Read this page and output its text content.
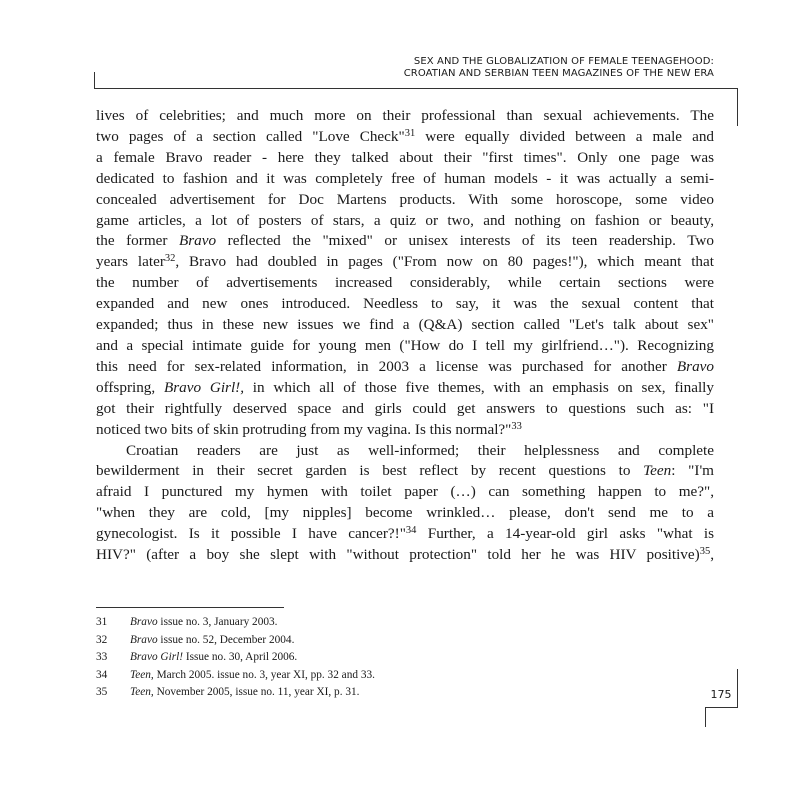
SEX AND THE GLOBALIZATION OF FEMALE TEENAGEHOOD:
CROATIAN AND SERBIAN TEEN MAGAZINES OF THE NEW ERA

lives of celebrities; and much more on their professional than sexual achievements. The
two pages of a section called "Love Check"$^{31}$ were equally divided between a male and
a female Bravo reader - here they talked about their "first times". Only one page was
dedicated to fashion and it was completely free of human models - it was actually a semi-
concealed advertisement for Doc Martens products. With some horoscope, some video
game articles, a lot of posters of stars, a quiz or two, and nothing on fashion or beauty,
the former Bravo reflected the "mixed" or unisex interests of its teen readership. Two
years later$^{32}$, Bravo had doubled in pages ("From now on 80 pages!"), which meant that
the number of advertisements increased considerably, while certain sections were
expanded and new ones introduced. Needless to say, it was the sexual content that
expanded; thus in these new issues we find a (Q&A) section called "Let's talk about sex"
and a special intimate guide for young men ("How do I tell my girlfriend…"). Recognizing
this need for sex-related information, in 2003 a license was purchased for another Bravo
offspring, Bravo Girl!, in which all of those five themes, with an emphasis on sex, finally
got their rightfully deserved space and girls could get answers to questions such as: "I
noticed two bits of skin protruding from my vagina. Is this normal?"$^{33}$

Croatian readers are just as well-informed; their helplessness and complete
bewilderment in their secret garden is best reflect by recent questions to Teen: "I'm
afraid I punctured my hymen with toilet paper (…) can something happen to me?",
"when they are cold, [my nipples] become wrinkled… please, don't send me to a
gynecologist. Is it possible I have cancer?!"$^{34}$ Further, a 14-year-old girl asks "what is
HIV?" (after a boy she slept with "without protection" told her he was HIV positive)$^{35}$,

31	Bravo issue no. 3, January 2003.
32	Bravo issue no. 52, December 2004.
33	Bravo Girl! Issue no. 30, April 2006.
34	Teen, March 2005. issue no. 3, year XI, pp. 32 and 33.
35	Teen, November 2005, issue no. 11, year XI, p. 31.	175
